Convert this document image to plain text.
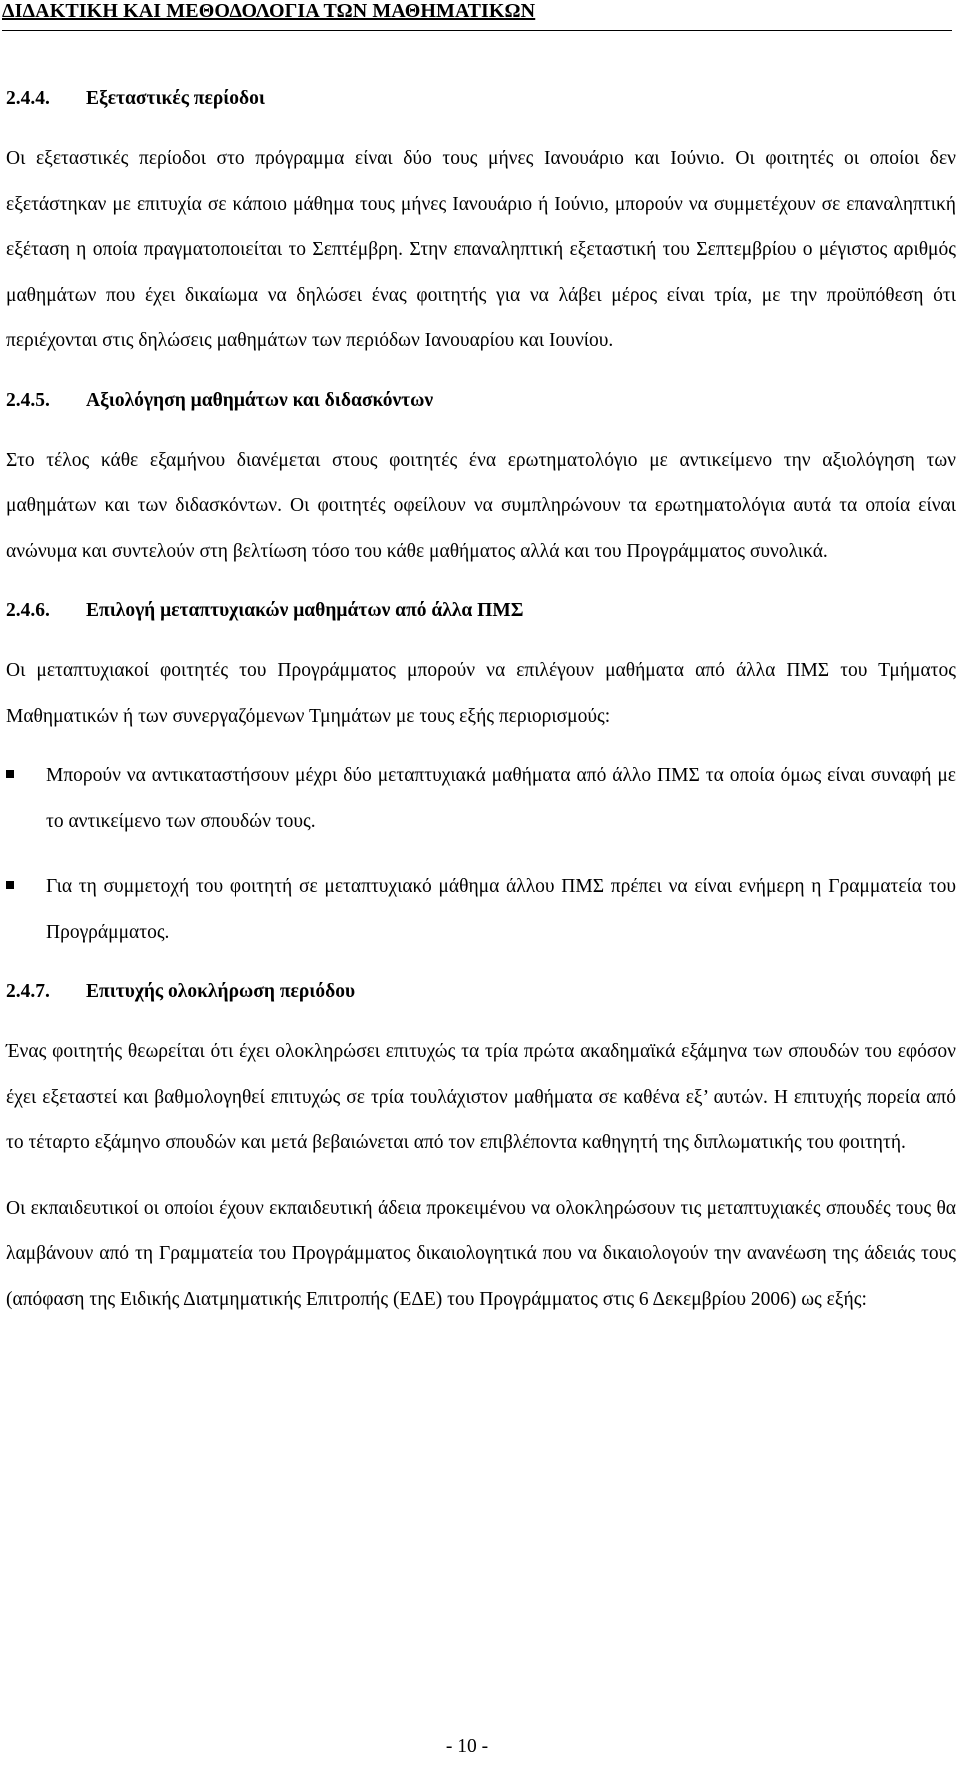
ΔΙΔΑΚΤΙΚΗ ΚΑΙ ΜΕΘΟΔΟΛΟΓΙΑ ΤΩΝ ΜΑΘΗΜΑΤΙΚΩΝ
2.4.4.	Εξεταστικές περίοδοι

Οι εξεταστικές περίοδοι στο πρόγραμμα είναι δύο τους μήνες Ιανουάριο και Ιούνιο. Οι φοιτητές οι οποίοι δεν εξετάστηκαν με επιτυχία σε κάποιο μάθημα τους μήνες Ιανουάριο ή Ιούνιο, μπορούν να συμμετέχουν σε επαναληπτική εξέταση η οποία πραγματοποιείται το Σεπτέμβρη. Στην επαναληπτική εξεταστική του Σεπτεμβρίου ο μέγιστος αριθμός μαθημάτων που έχει δικαίωμα να δηλώσει ένας φοιτητής για να λάβει μέρος είναι τρία, με την προϋπόθεση ότι περιέχονται στις δηλώσεις μαθημάτων των περιόδων Ιανουαρίου και Ιουνίου.

2.4.5.	Αξιολόγηση μαθημάτων και διδασκόντων

Στο τέλος κάθε εξαμήνου διανέμεται στους φοιτητές ένα ερωτηματολόγιο με αντικείμενο την αξιολόγηση των μαθημάτων και των διδασκόντων. Οι φοιτητές οφείλουν να συμπληρώνουν τα ερωτηματολόγια αυτά τα οποία είναι ανώνυμα και συντελούν στη βελτίωση τόσο του κάθε μαθήματος αλλά και του Προγράμματος συνολικά.

2.4.6.	Επιλογή μεταπτυχιακών μαθημάτων από άλλα ΠΜΣ

Οι μεταπτυχιακοί φοιτητές του Προγράμματος μπορούν να επιλέγουν μαθήματα από άλλα ΠΜΣ του Τμήματος Μαθηματικών ή των συνεργαζόμενων Τμημάτων με τους εξής περιορισμούς:

Μπορούν να αντικαταστήσουν μέχρι δύο μεταπτυχιακά μαθήματα από άλλο ΠΜΣ τα οποία όμως είναι συναφή με το αντικείμενο των σπουδών τους.
Για τη συμμετοχή του φοιτητή σε μεταπτυχιακό μάθημα άλλου ΠΜΣ πρέπει να είναι ενήμερη η Γραμματεία του Προγράμματος.
2.4.7.	Επιτυχής ολοκλήρωση περιόδου

Ένας φοιτητής θεωρείται ότι έχει ολοκληρώσει επιτυχώς τα τρία πρώτα ακαδημαϊκά εξάμηνα των σπουδών του εφόσον έχει εξεταστεί και βαθμολογηθεί επιτυχώς σε τρία τουλάχιστον μαθήματα σε καθένα εξ’ αυτών. Η επιτυχής πορεία από το τέταρτο εξάμηνο σπουδών και μετά βεβαιώνεται από τον επιβλέποντα καθηγητή της διπλωματικής του φοιτητή.

Οι εκπαιδευτικοί οι οποίοι έχουν εκπαιδευτική άδεια προκειμένου να ολοκληρώσουν τις μεταπτυχιακές σπουδές τους θα λαμβάνουν από τη Γραμματεία του Προγράμματος δικαιολογητικά που να δικαιολογούν την ανανέωση της άδειάς τους (απόφαση της Ειδικής Διατμηματικής Επιτροπής (ΕΔΕ) του Προγράμματος στις 6 Δεκεμβρίου 2006) ως εξής:

- 10 -
